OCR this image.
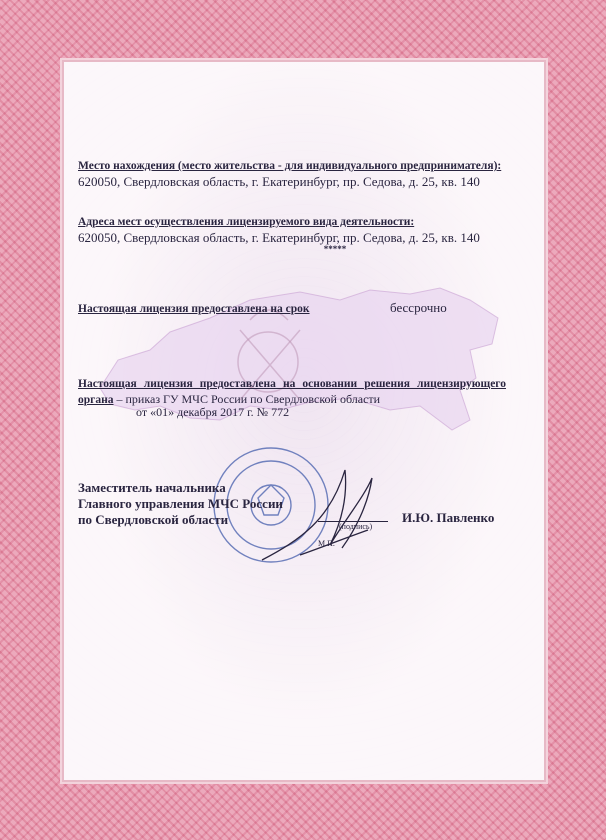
Место нахождения (место жительства - для индивидуального предпринимателя):
620050, Свердловская область, г. Екатеринбург, пр. Седова, д. 25, кв. 140
Адреса мест осуществления лицензируемого вида деятельности:
620050, Свердловская область, г. Екатеринбург, пр. Седова, д. 25, кв. 140
*****
Настоящая лицензия предоставлена на срок	бессрочно
Настоящая лицензия предоставлена на основании решения лицензирующего органа – приказ ГУ МЧС России по Свердловской области
от «01» декабря 2017 г. № 772
Заместитель начальника
Главного управления МЧС России
по Свердловской области	(подпись)
И.Ю. Павленко
М.П.
